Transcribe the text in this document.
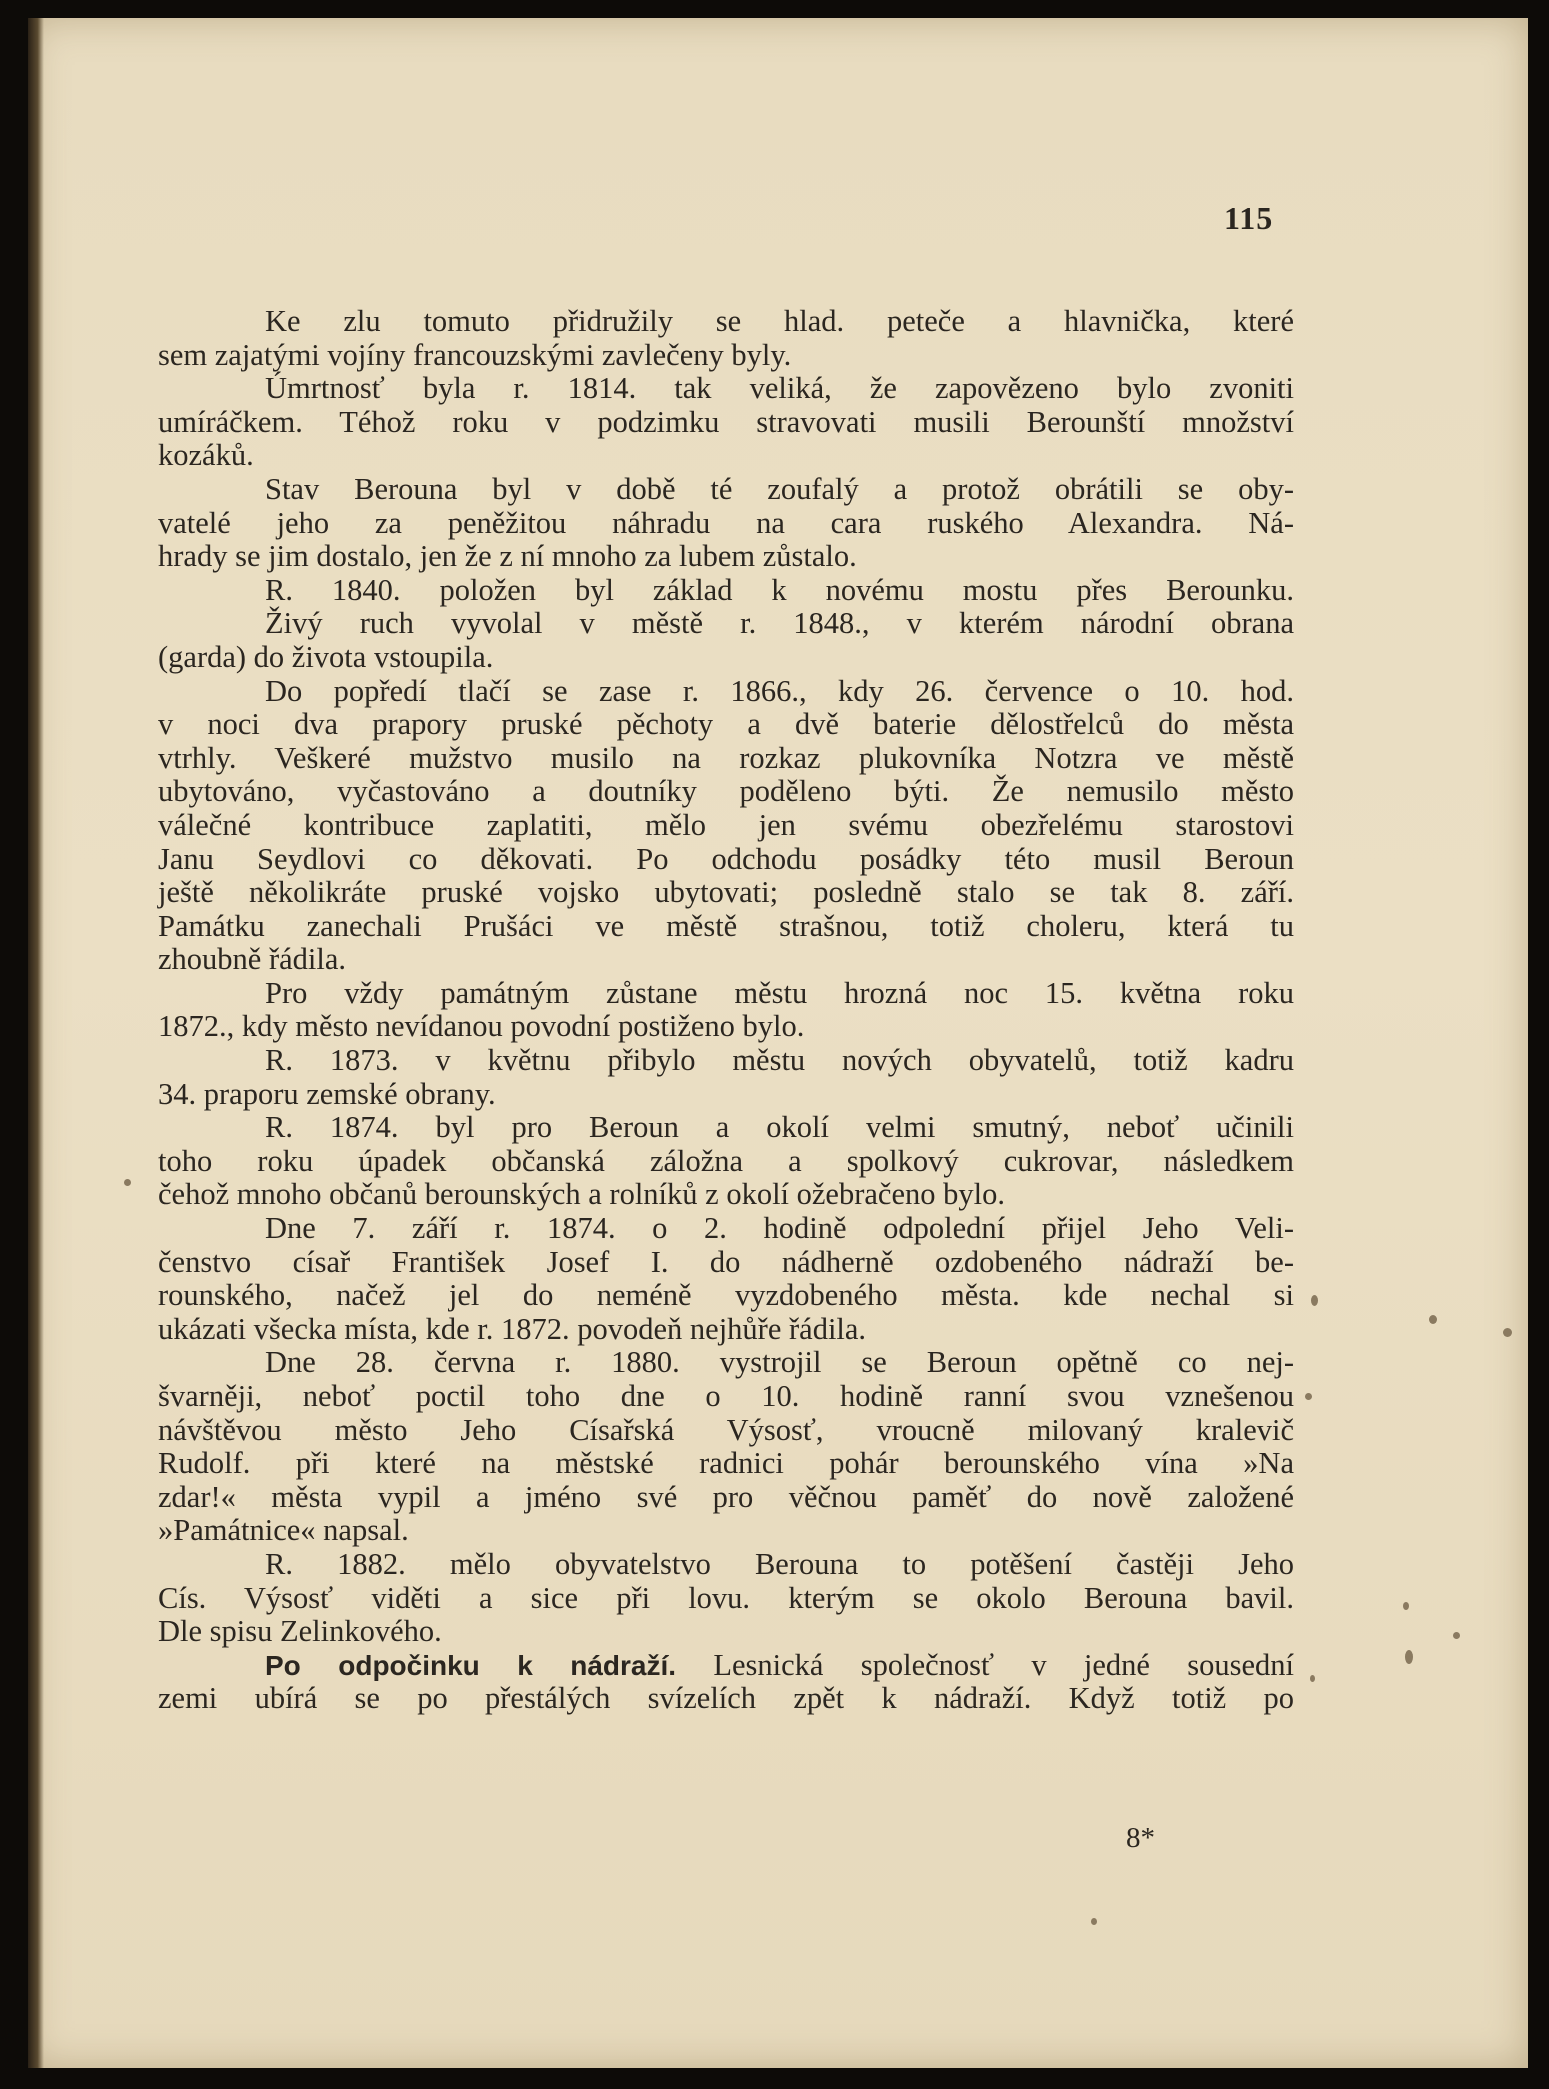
115
Ke zlu tomuto přidružily se hlad. peteče a hlavnička, které
sem zajatými vojíny francouzskými zavlečeny byly.
Úmrtnosť byla r. 1814. tak veliká, že zapovězeno bylo zvoniti
umíráčkem. Téhož roku v podzimku stravovati musili Berounští množství
kozáků.
Stav Berouna byl v době té zoufalý a protož obrátili se oby-
vatelé jeho za peněžitou náhradu na cara ruského Alexandra. Ná-
hrady se jim dostalo, jen že z ní mnoho za lubem zůstalo.
R. 1840. položen byl základ k novému mostu přes Berounku.
Živý ruch vyvolal v městě r. 1848., v kterém národní obrana
(garda) do života vstoupila.
Do popředí tlačí se zase r. 1866., kdy 26. července o 10. hod.
v noci dva prapory pruské pěchoty a dvě baterie dělostřelců do města
vtrhly. Veškeré mužstvo musilo na rozkaz plukovníka Notzra ve městě
ubytováno, vyčastováno a doutníky poděleno býti. Že nemusilo město
válečné kontribuce zaplatiti, mělo jen svému obezřelému starostovi
Janu Seydlovi co děkovati. Po odchodu posádky této musil Beroun
ještě několikráte pruské vojsko ubytovati; posledně stalo se tak 8. září.
Památku zanechali Prušáci ve městě strašnou, totiž choleru, která tu
zhoubně řádila.
Pro vždy památným zůstane městu hrozná noc 15. května roku
1872., kdy město nevídanou povodní postiženo bylo.
R. 1873. v květnu přibylo městu nových obyvatelů, totiž kadru
34. praporu zemské obrany.
R. 1874. byl pro Beroun a okolí velmi smutný, neboť učinili
toho roku úpadek občanská záložna a spolkový cukrovar, následkem
čehož mnoho občanů berounských a rolníků z okolí ožebračeno bylo.
Dne 7. září r. 1874. o 2. hodině odpolední přijel Jeho Veli-
čenstvo císař František Josef I. do nádherně ozdobeného nádraží be-
rounského, načež jel do neméně vyzdobeného města. kde nechal si
ukázati všecka místa, kde r. 1872. povodeň nejhůře řádila.
Dne 28. června r. 1880. vystrojil se Beroun opětně co nej-
švarněji, neboť poctil toho dne o 10. hodině ranní svou vznešenou
návštěvou město Jeho Císařská Výsosť, vroucně milovaný kralevič
Rudolf. při které na městské radnici pohár berounského vína »Na
zdar!« města vypil a jméno své pro věčnou paměť do nově založené
»Památnice« napsal.
R. 1882. mělo obyvatelstvo Berouna to potěšení častěji Jeho
Cís. Výsosť viděti a sice při lovu. kterým se okolo Berouna bavil.
Dle spisu Zelinkového.
Po odpočinku k nádraží. Lesnická společnosť v jedné sousední
zemi ubírá se po přestálých svízelích zpět k nádraží. Když totiž po
8*
